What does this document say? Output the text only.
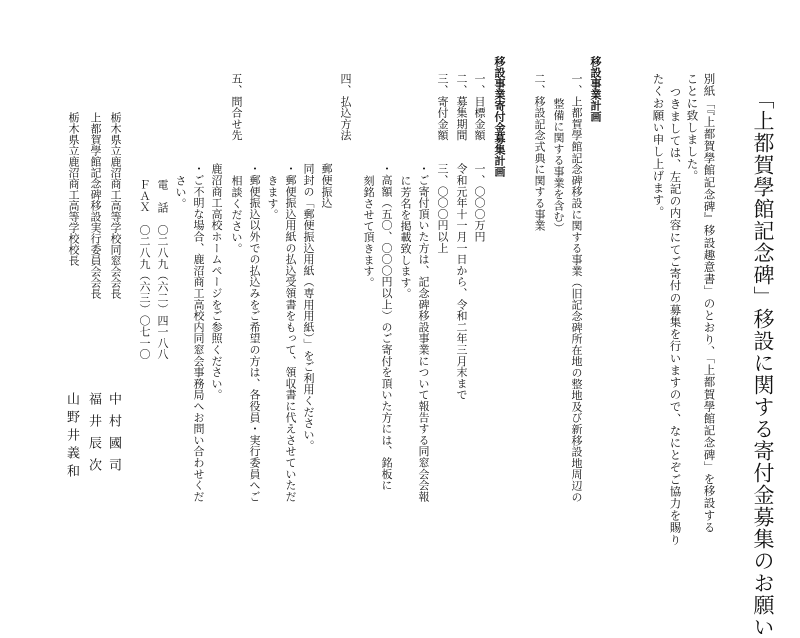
「上都賀學館記念碑」移設に関する寄付金募集のお願い
別紙「『上都賀學館記念碑』移設趣意書」のとおり、「上都賀學館記念碑」を移設する
ことに致しました。
つきましては、左記の内容にてご寄付の募集を行いますので、なにとぞご協力を賜り
たくお願い申し上げます。
移設事業計画
一、上都賀學館記念碑移設に関する事業（旧記念碑所在地の整地及び新移設地周辺の
整備に関する事業を含む）
二、移設記念式典に関する事業
移設事業寄付金募集計画
一、目標金額
一、〇〇〇万円
二、募集期間
令和元年十一月一日から、令和二年三月末まで
三、寄付金額
三、〇〇〇円以上
・ご寄付頂いた方は、記念碑移設事業について報告する同窓会会報
に芳名を掲載致します。
・高額（五〇、〇〇〇円以上）のご寄付を頂いた方には、銘板に
刻銘させて頂きます。
四、払込方法
郵便振込
同封の「郵便振込用紙（専用用紙）」をご利用ください。
・郵便振込用紙の払込受領書をもって、領収書に代えさせていただ
きます。
・郵便振込以外での払込みをご希望の方は、各役員・実行委員へご
相談ください。
鹿沼商工高校ホームページをご参照ください。
・ご不明な場合、鹿沼商工高校内同窓会事務局へお問い合わせくだ
さい。
五、問合せ先
電　話　〇二八九（六二）四一八八
ＦＡＸ　〇二八九（六三）〇七一〇
栃木県立鹿沼商工高等学校同窓会会長
中村國司
上都賀學館記念碑移設実行委員会会長
福井辰次
栃木県立鹿沼商工高等学校校長
山野井義和
